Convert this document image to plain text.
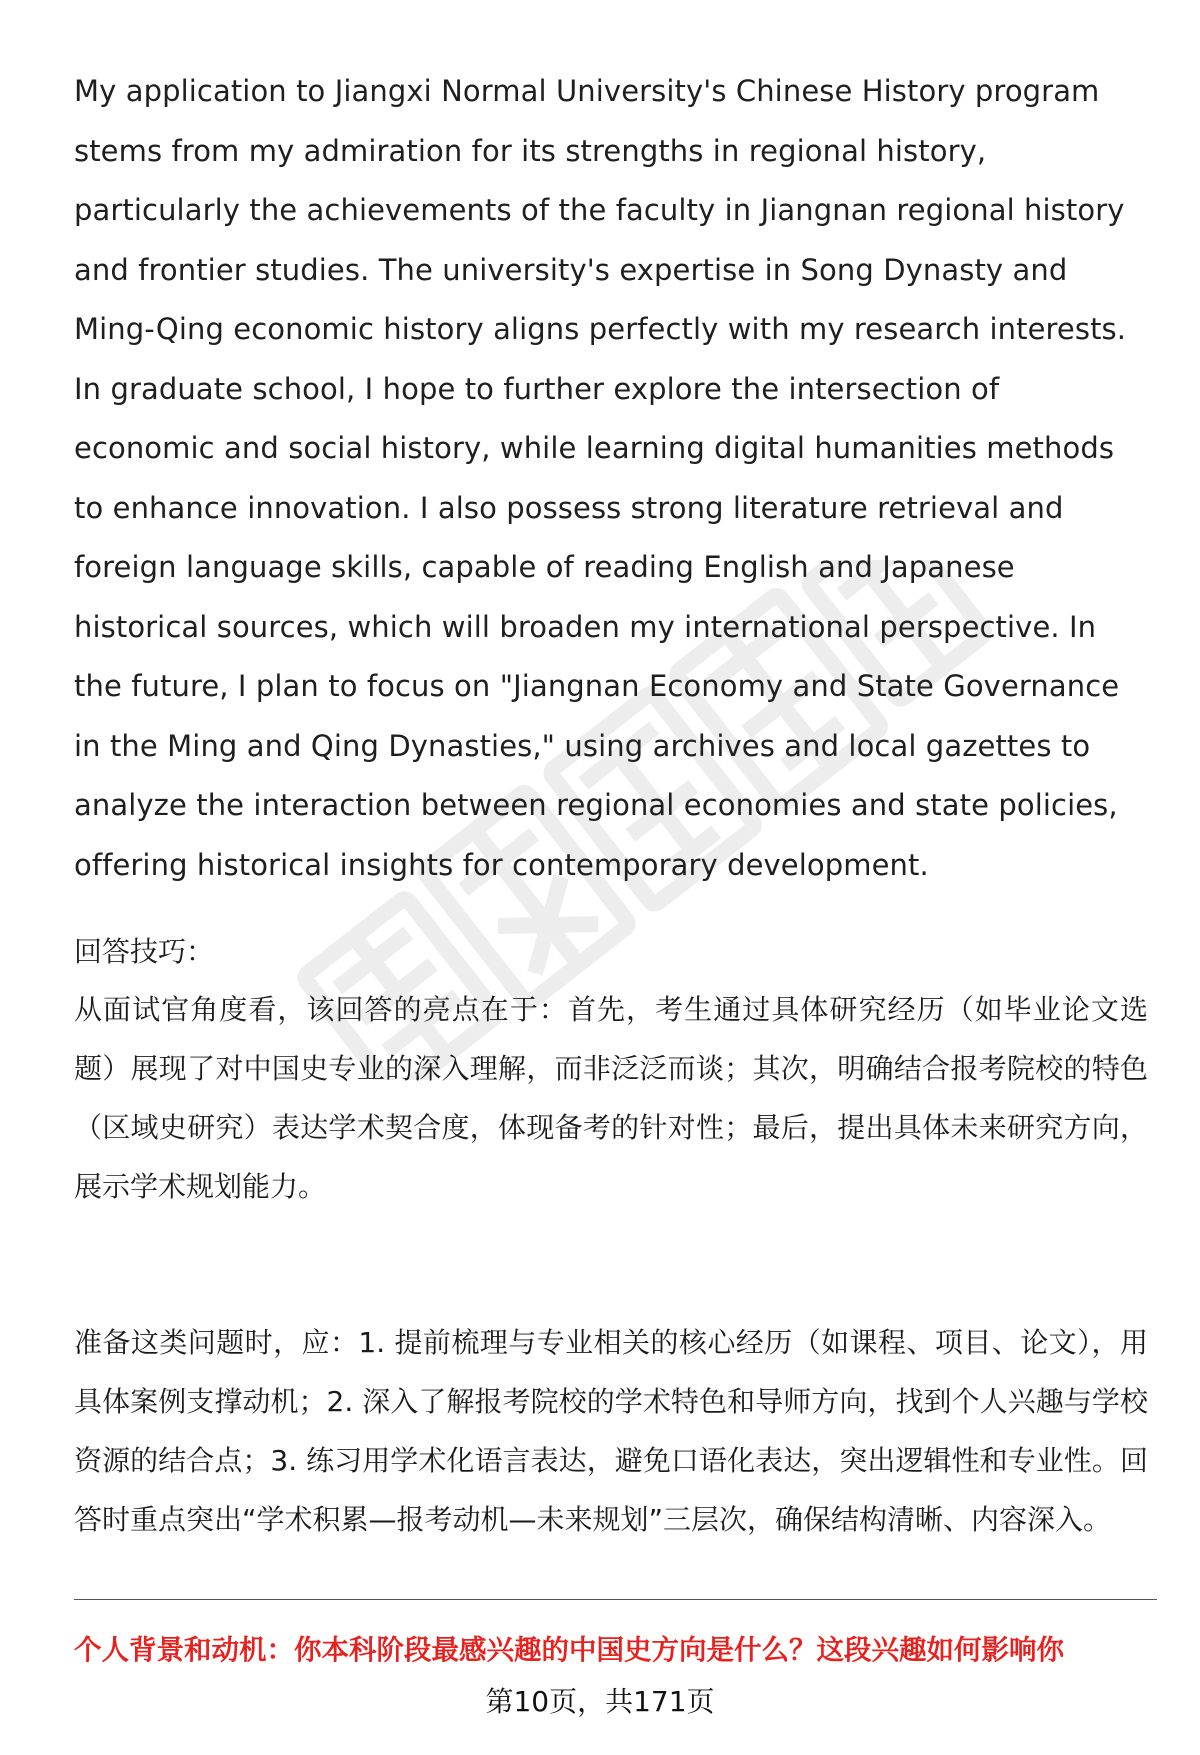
My application to Jiangxi Normal University's Chinese History program stems from my admiration for its strengths in regional history, particularly the achievements of the faculty in Jiangnan regional history and frontier studies. The university's expertise in Song Dynasty and Ming-Qing economic history aligns perfectly with my research interests. In graduate school, I hope to further explore the intersection of economic and social history, while learning digital humanities methods to enhance innovation. I also possess strong literature retrieval and foreign language skills, capable of reading English and Japanese historical sources, which will broaden my international perspective. In the future, I plan to focus on "Jiangnan Economy and State Governance in the Ming and Qing Dynasties," using archives and local gazettes to analyze the interaction between regional economies and state policies, offering historical insights for contemporary development.

回答技巧：

从面试官角度看，该回答的亮点在于：首先，考生通过具体研究经历（如毕业论文选题）展现了对中国史专业的深入理解，而非泛泛而谈；其次，明确结合报考院校的特色（区域史研究）表达学术契合度，体现备考的针对性；最后，提出具体未来研究方向，展示学术规划能力。

准备这类问题时，应：1. 提前梳理与专业相关的核心经历（如课程、项目、论文），用具体案例支撑动机；2. 深入了解报考院校的学术特色和导师方向，找到个人兴趣与学校资源的结合点；3. 练习用学术化语言表达，避免口语化表达，突出逻辑性和专业性。回答时重点突出“学术积累—报考动机—未来规划”三层次，确保结构清晰、内容深入。

个人背景和动机：你本科阶段最感兴趣的中国史方向是什么？这段兴趣如何影响你
第10页，共171页
